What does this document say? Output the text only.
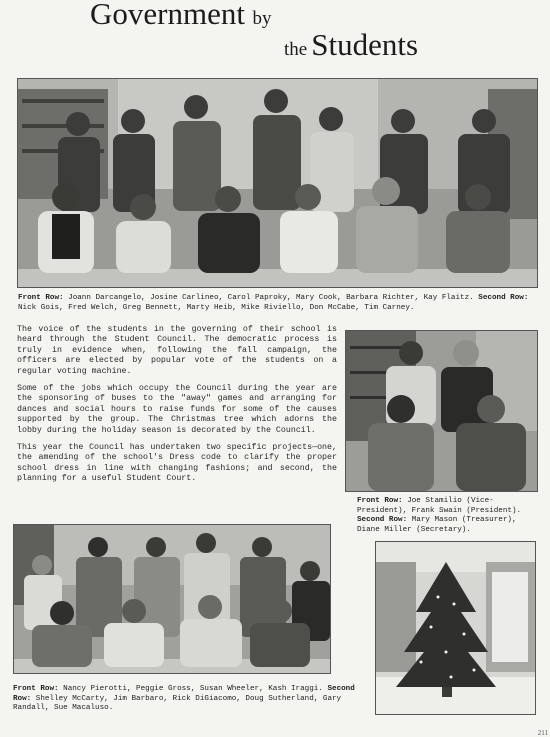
Government by
the Students
Front Row: Joann Darcangelo, Josine Carlineo, Carol Paproky, Mary Cook, Barbara Richter, Kay Flaitz. Second Row: Nick Gois, Fred Welch, Greg Bennett, Marty Heib, Mike Riviello, Don McCabe, Tim Carney.

The voice of the students in the governing of their school is heard through the Student Council. The democratic process is truly in evidence when, following the fall campaign, the officers are elected by popular vote of the students on a regular voting machine.

Some of the jobs which occupy the Council during the year are the sponsoring of buses to the "away" games and arranging for dances and social hours to raise funds for some of the causes supported by the group. The Christmas tree which adorns the lobby during the holiday season is decorated by the Council.

This year the Council has undertaken two specific projects—one, the amending of the school's Dress code to clarify the proper school dress in line with changing fashions; and second, the planning for a useful Student Court.

Front Row: Joe Stamilio (Vice-President), Frank Swain (President). Second Row: Mary Mason (Treasurer), Diane Miller (Secretary).
Front Row: Nancy Pierotti, Peggie Gross, Susan Wheeler, Kash Iraggi. Second Row: Shelley McCarty, Jim Barbaro, Rick DiGiacomo, Doug Sutherland, Gary Randall, Sue Macaluso.
211
